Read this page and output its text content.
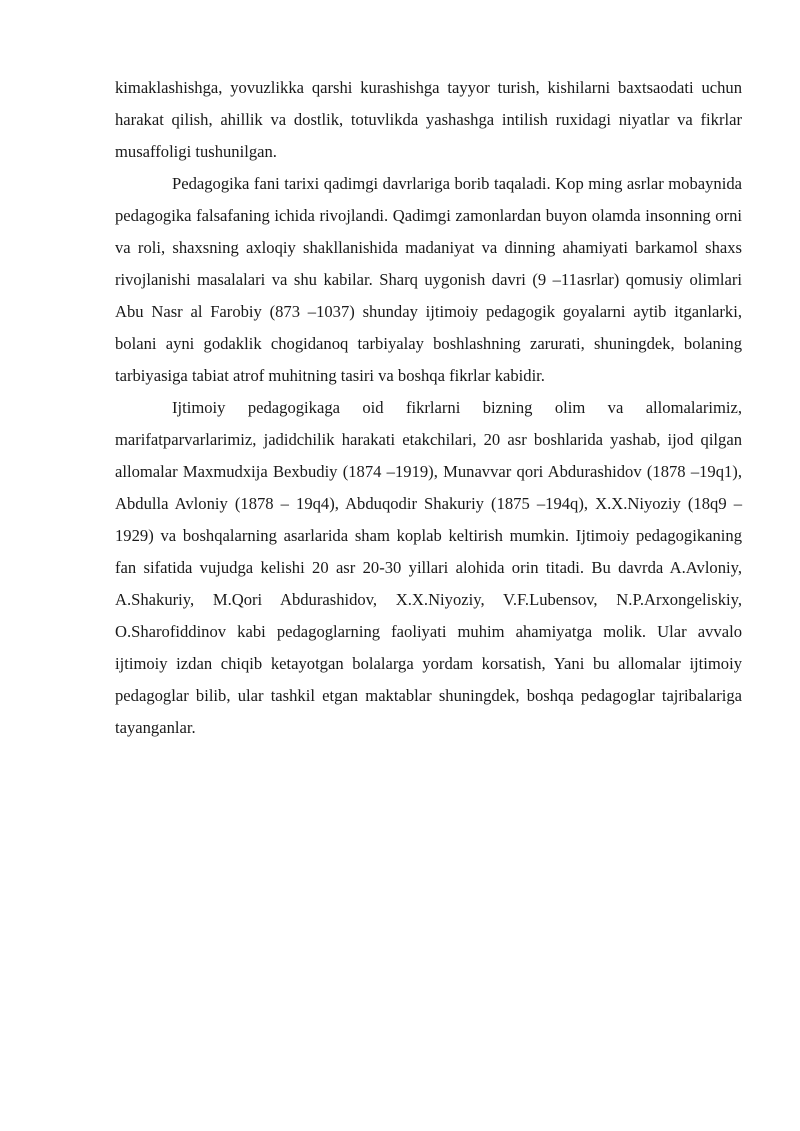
kimaklashishga, yovuzlikka qarshi kurashishga tayyor turish, kishilarni baxtsaodati uchun harakat qilish, ahillik va dostlik, totuvlikda yashashga intilish ruxidagi niyatlar va fikrlar musaffoligi tushunilgan.

Pedagogika fani tarixi qadimgi davrlariga borib taqaladi. Kop ming asrlar mobaynida pedagogika falsafaning ichida rivojlandi. Qadimgi zamonlardan buyon olamda insonning orni va roli, shaxsning axloqiy shakllanishida madaniyat va dinning ahamiyati barkamol shaxs rivojlanishi masalalari va shu kabilar. Sharq uygonish davri (9 –11asrlar) qomusiy olimlari Abu Nasr al Farobiy (873 –1037) shunday ijtimoiy pedagogik goyalarni aytib itganlarki, bolani ayni godaklik chogidanoq tarbiyalay boshlashning zarurati, shuningdek, bolaning tarbiyasiga tabiat atrof muhitning tasiri va boshqa fikrlar kabidir.

Ijtimoiy pedagogikaga oid fikrlarni bizning olim va allomalarimiz, marifatparvarlarimiz, jadidchilik harakati etakchilari, 20 asr boshlarida yashab, ijod qilgan allomalar Maxmudxija Bexbudiy (1874 –1919), Munavvar qori Abdurashidov (1878 –19q1), Abdulla Avloniy (1878 – 19q4), Abduqodir Shakuriy (1875 –194q), X.X.Niyoziy (18q9 –1929) va boshqalarning asarlarida sham koplab keltirish mumkin. Ijtimoiy pedagogikaning fan sifatida vujudga kelishi 20 asr 20-30 yillari alohida orin titadi. Bu davrda A.Avloniy, A.Shakuriy, M.Qori Abdurashidov, X.X.Niyoziy, V.F.Lubensov, N.P.Arxongeliskiy, O.Sharofiddinov kabi pedagoglarning faoliyati muhim ahamiyatga molik. Ular avvalo ijtimoiy izdan chiqib ketayotgan bolalarga yordam korsatish, Yani bu allomalar ijtimoiy pedagoglar bilib, ular tashkil etgan maktablar shuningdek, boshqa pedagoglar tajribalariga tayanganlar.
